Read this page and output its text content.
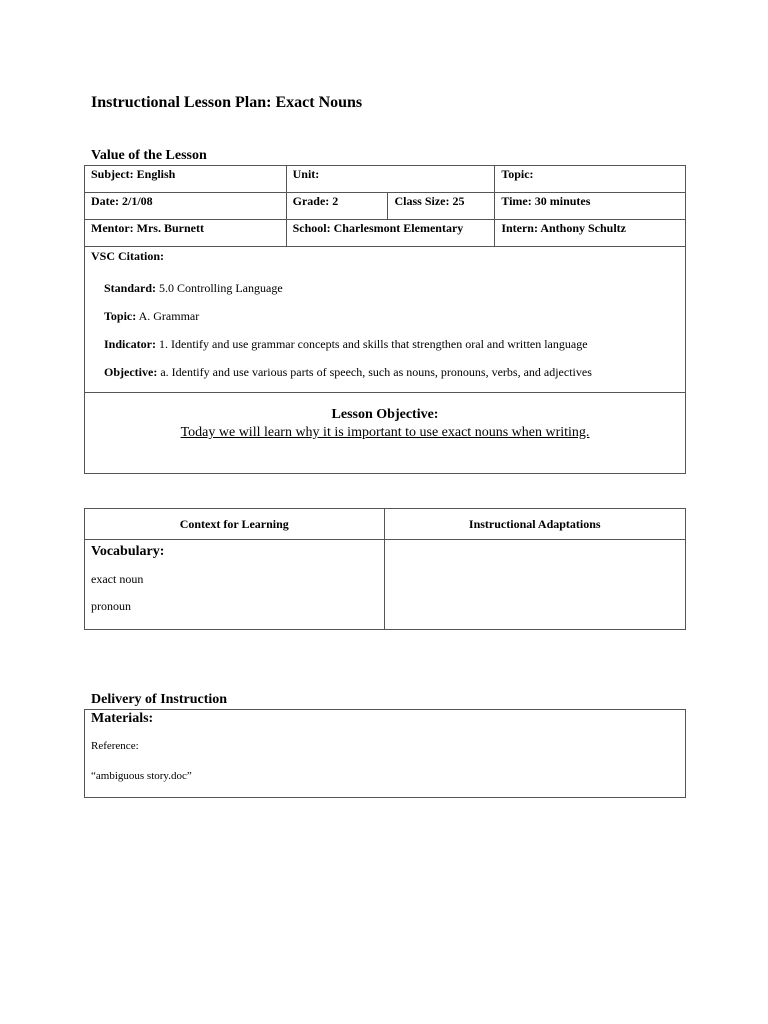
Instructional Lesson Plan: Exact Nouns
Value of the Lesson
Subject: English	Unit:		Topic:
Date: 2/1/08	Grade: 2	Class Size: 25	Time: 30 minutes
Mentor: Mrs. Burnett	School: Charlesmont Elementary		Intern: Anthony Schultz

VSC Citation:
Standard: 5.0 Controlling Language
Topic: A. Grammar
Indicator: 1. Identify and use grammar concepts and skills that strengthen oral and written language
Objective: a. Identify and use various parts of speech, such as nouns, pronouns, verbs, and adjectives			

Lesson Objective:
Today we will learn why it is important to use exact nouns when writing.			
Context for Learning	Instructional Adaptations

Vocabulary:
exact noun
pronoun	

Delivery of Instruction
Materials:
Reference:
“ambiguous story.doc”
